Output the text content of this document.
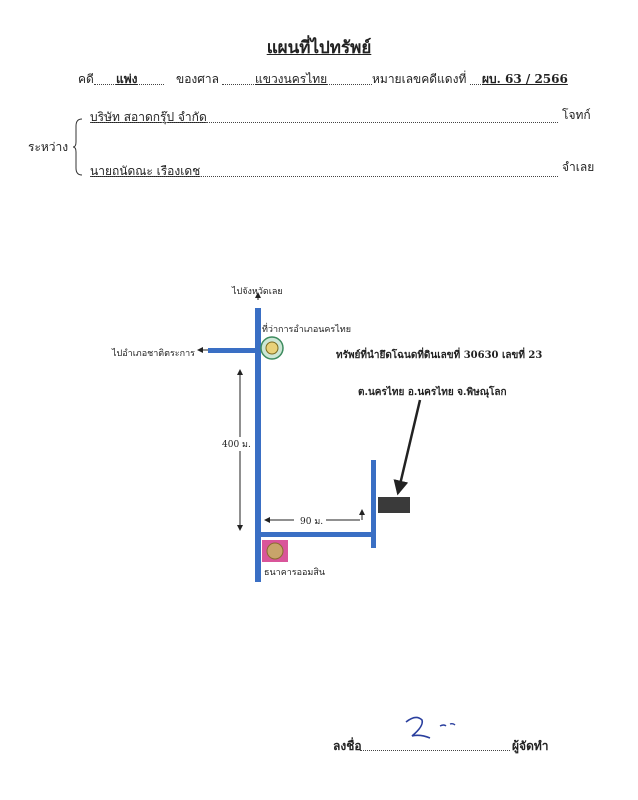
แผนที่ไปทรัพย์
คดี แพ่ง	ของศาล	แขวงนครไทย	หมายเลขคดีแดงที่ ผบ. 63 / 2566
ระหว่าง
บริษัท สอาดกรุ๊ป จำกัด	โจทก์
นายถนัดณะ เรืองเดช	จำเลย
ไปจังหวัดเลย
ที่ว่าการอำเภอนครไทย
ไปอำเภอชาติตระการ
400 ม.
90 ม.
ธนาคารออมสิน
ทรัพย์ที่นำยึดโฉนดที่ดินเลขที่ 30630 เลขที่ 23
ต.นครไทย อ.นครไทย จ.พิษณุโลก
ลงชื่อ	ผู้จัดทำ
